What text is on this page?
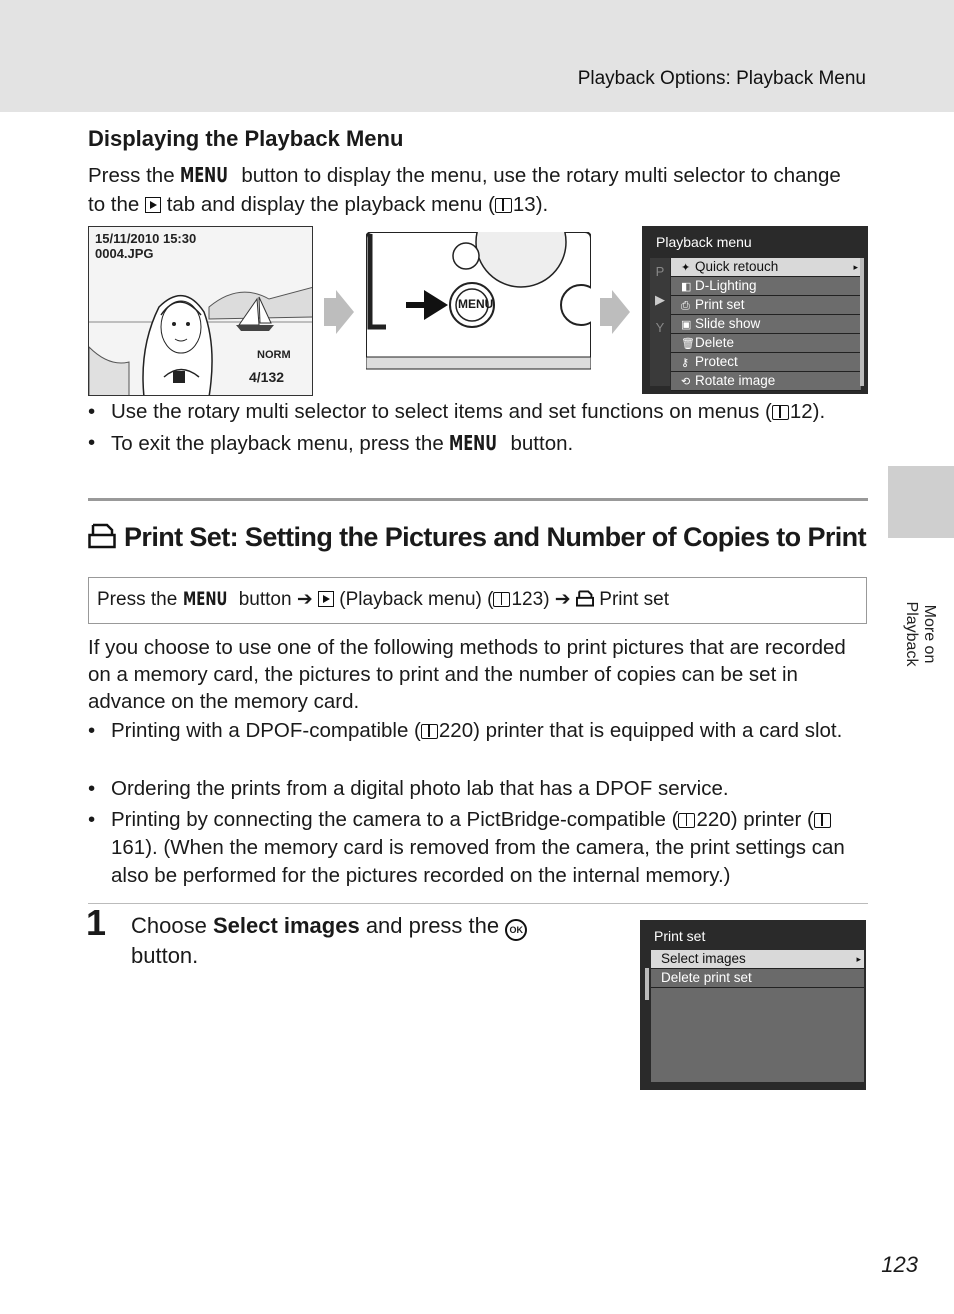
Playback Options: Playback Menu
Displaying the Playback Menu
Press the MENU button to display the menu, use the rotary multi selector to change
to the  tab and display the playback menu ( 13).
15/11/2010 15:30
0004.JPG
NORM
4/132
MENU
Playback menu
P
▶
Y
✦ Quick retouch	▸
◧ D-Lighting
⎙ Print set
▣ Slide show
🗑Delete
⚷ Protect
⟲ Rotate image
• Use the rotary multi selector to select items and set functions on menus ( 12).
• To exit the playback menu, press the MENU button.
Print Set: Setting the Pictures and Number of Copies to Print
Press the MENU button ➔  (Playback menu) ( 123) ➔  Print set
If you choose to use one of the following methods to print pictures that are recorded on a memory card, the pictures to print and the number of copies can be set in advance on the memory card.
• Printing with a DPOF-compatible ( 220) printer that is equipped with a card slot.
• Ordering the prints from a digital photo lab that has a DPOF service.
• Printing by connecting the camera to a PictBridge-compatible ( 220) printer (161). (When the memory card is removed from the camera, the print settings can also be performed for the pictures recorded on the internal memory.)
1 Choose Select images and press the OK
button.
Print set
Select images	▸
Delete print set
More on Playback
123
